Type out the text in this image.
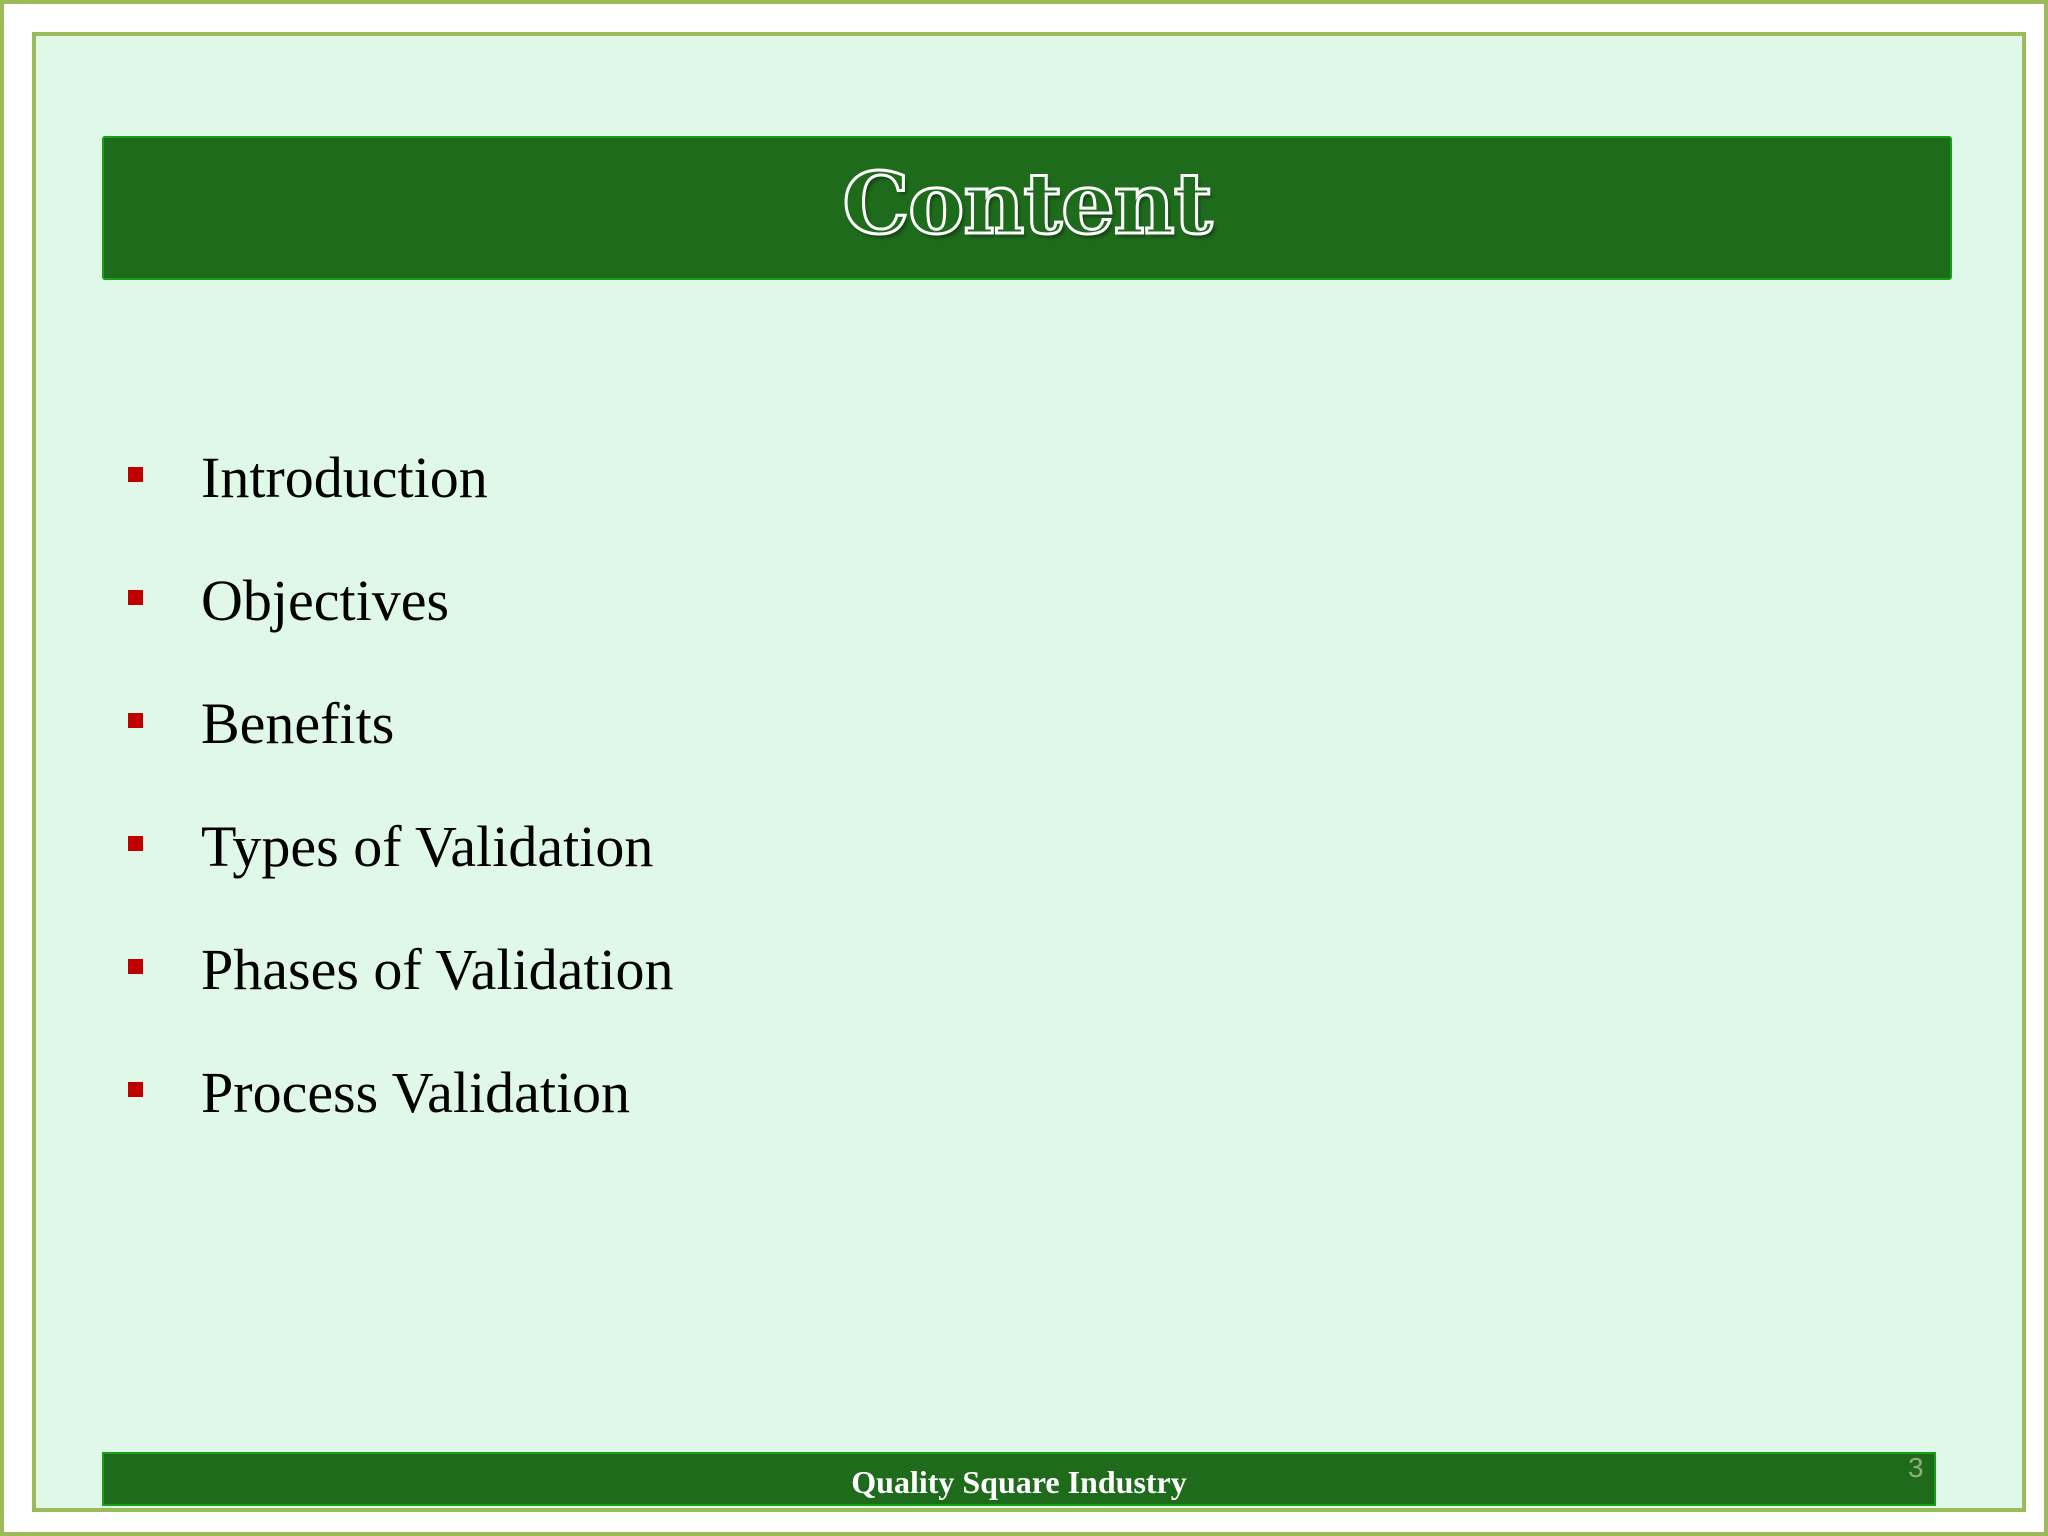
Content
Introduction
Objectives
Benefits
Types of Validation
Phases of Validation
Process Validation
Quality Square Industry	3
